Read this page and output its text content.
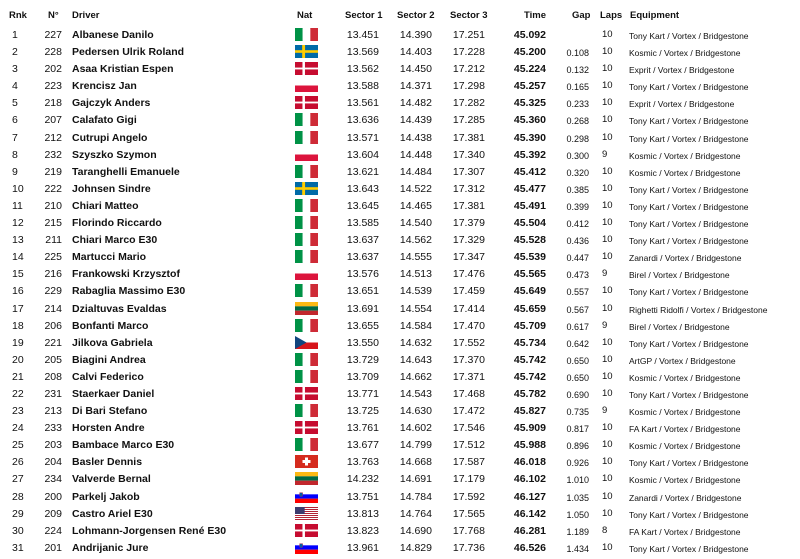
Rnk N° Driver	Nat	Sector 1 Sector 2 Sector 3	Time	Gap Laps Equipment
1	227 Albanese Danilo	13.451	14.390	17.251	45.092	10	Tony Kart / Vortex / Bridgestone
2	228 Pedersen Ulrik Roland	13.569	14.403	17.228	45.200	0.108 10	Kosmic / Vortex / Bridgestone
3	202 Asaa Kristian Espen	13.562	14.450	17.212	45.224	0.132 10	Exprit / Vortex / Bridgestone
4	223 Krencisz Jan	13.588	14.371	17.298	45.257	0.165 10	Tony Kart / Vortex / Bridgestone
5	218 Gajczyk Anders	13.561	14.482	17.282	45.325	0.233 10	Exprit / Vortex / Bridgestone
6	207 Calafato Gigi	13.636	14.439	17.285	45.360	0.268 10	Tony Kart / Vortex / Bridgestone
7	212 Cutrupi Angelo	13.571	14.438	17.381	45.390	0.298 10	Tony Kart / Vortex / Bridgestone
8	232 Szyszko Szymon	13.604	14.448	17.340	45.392	0.300 9	Kosmic / Vortex / Bridgestone
9	219 Taranghelli Emanuele	13.621	14.484	17.307	45.412	0.320 10	Kosmic / Vortex / Bridgestone
10	222 Johnsen Sindre	13.643	14.522	17.312	45.477	0.385 10	Tony Kart / Vortex / Bridgestone
11	210 Chiari Matteo	13.645	14.465	17.381	45.491	0.399 10	Tony Kart / Vortex / Bridgestone
12	215 Florindo Riccardo	13.585	14.540	17.379	45.504	0.412 10	Tony Kart / Vortex / Bridgestone
13	211 Chiari Marco E30	13.637	14.562	17.329	45.528	0.436 10	Tony Kart / Vortex / Bridgestone
14	225 Martucci Mario	13.637	14.555	17.347	45.539	0.447 10	Zanardi / Vortex / Bridgestone
15	216 Frankowski Krzysztof	13.576	14.513	17.476	45.565	0.473 9	Birel / Vortex / Bridgestone
16	229 Rabaglia Massimo E30	13.651	14.539	17.459	45.649	0.557 10	Tony Kart / Vortex / Bridgestone
17	214 Dzialtuvas Evaldas	13.691	14.554	17.414	45.659	0.567 10	Righetti Ridolfi / Vortex / Bridgestone
18	206 Bonfanti Marco	13.655	14.584	17.470	45.709	0.617 9	Birel / Vortex / Bridgestone
19	221 Jilkova Gabriela	13.550	14.632	17.552	45.734	0.642 10	Tony Kart / Vortex / Bridgestone
20	205 Biagini Andrea	13.729	14.643	17.370	45.742	0.650 10	ArtGP / Vortex / Bridgestone
21	208 Calvi Federico	13.709	14.662	17.371	45.742	0.650 10	Kosmic / Vortex / Bridgestone
22	231 Staerkaer Daniel	13.771	14.543	17.468	45.782	0.690 10	Tony Kart / Vortex / Bridgestone
23	213 Di Bari Stefano	13.725	14.630	17.472	45.827	0.735 9	Kosmic / Vortex / Bridgestone
24	233 Horsten Andre	13.761	14.602	17.546	45.909	0.817 10	FA Kart / Vortex / Bridgestone
25	203 Bambace Marco E30	13.677	14.799	17.512	45.988	0.896 10	Kosmic / Vortex / Bridgestone
26	204 Basler Dennis	13.763	14.668	17.587	46.018	0.926 10	Tony Kart / Vortex / Bridgestone
27	234 Valverde Bernal	14.232	14.691	17.179	46.102	1.010 10	Kosmic / Vortex / Bridgestone
28	200 Parkelj Jakob	13.751	14.784	17.592	46.127	1.035 10	Zanardi / Vortex / Bridgestone
29	209 Castro Ariel E30	13.813	14.764	17.565	46.142	1.050 10	Tony Kart / Vortex / Bridgestone
30	224 Lohmann-Jorgensen René E30	13.823	14.690	17.768	46.281	1.189 8	FA Kart / Vortex / Bridgestone
31	201 Andrijanic Jure	13.961	14.829	17.736	46.526	1.434 10	Tony Kart / Vortex / Bridgestone
